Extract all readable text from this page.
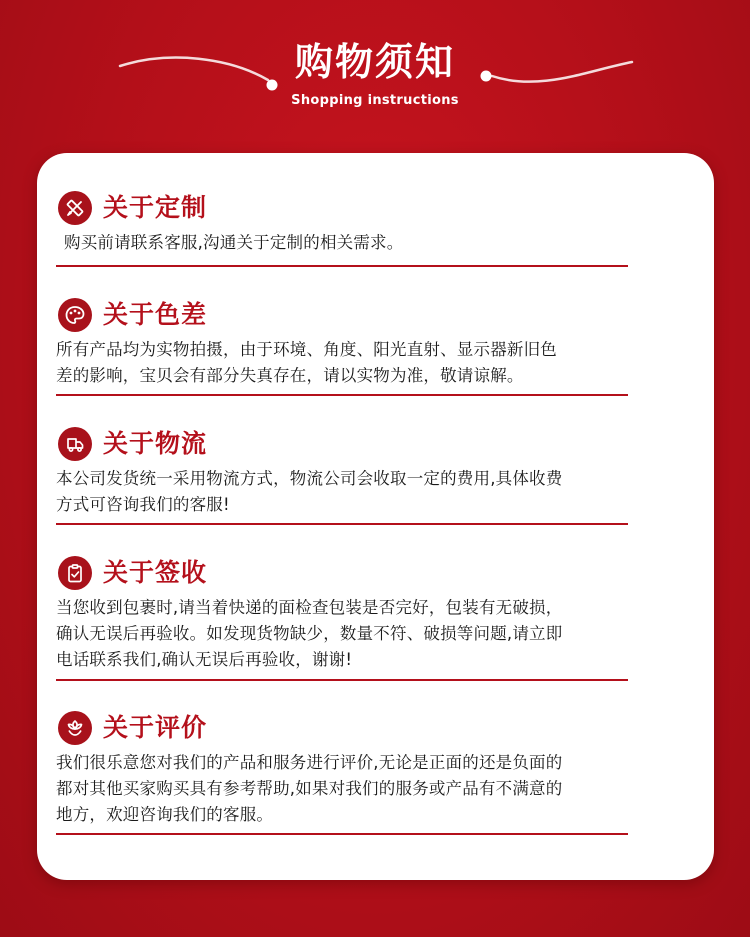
购物须知
Shopping instructions
关于定制
购买前请联系客服,沟通关于定制的相关需求。
关于色差
所有产品均为实物拍摄，由于环境、角度、阳光直射、显示器新旧色
差的影响，宝贝会有部分失真存在，请以实物为准，敬请谅解。
关于物流
本公司发货统一采用物流方式，物流公司会收取一定的费用,具体收费
方式可咨询我们的客服!
关于签收
当您收到包裹时,请当着快递的面检查包装是否完好，包装有无破损，
确认无误后再验收。如发现货物缺少，数量不符、破损等问题,请立即
电话联系我们,确认无误后再验收，谢谢!
关于评价
我们很乐意您对我们的产品和服务进行评价,无论是正面的还是负面的
都对其他买家购买具有参考帮助,如果对我们的服务或产品有不满意的
地方，欢迎咨询我们的客服。
